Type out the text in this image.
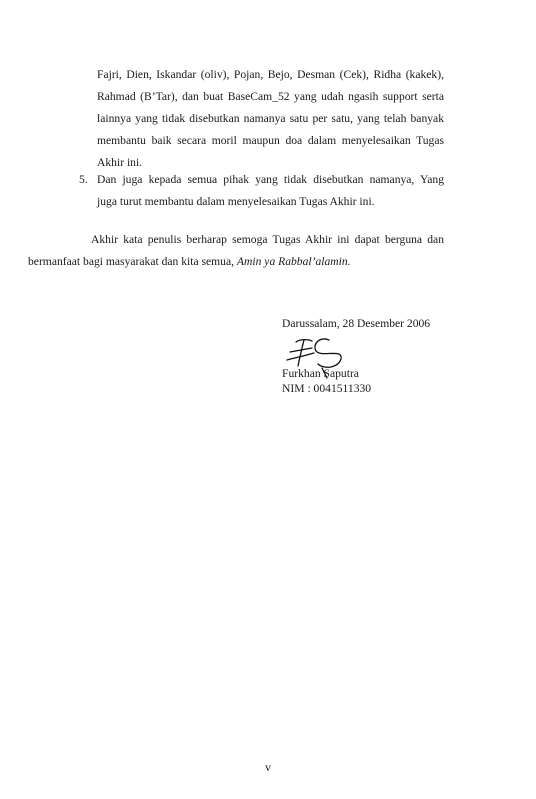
Fajri, Dien, Iskandar (oliv), Pojan, Bejo, Desman (Cek), Ridha (kakek),
Rahmad (B’Tar), dan buat BaseCam_52 yang udah ngasih support serta
lainnya yang tidak disebutkan namanya satu per satu, yang telah banyak
membantu baik secara moril maupun doa dalam menyelesaikan Tugas
Akhir ini.
5. Dan juga kepada semua pihak yang tidak disebutkan namanya, Yang
juga turut membantu dalam menyelesaikan Tugas Akhir ini.
Akhir kata penulis berharap semoga Tugas Akhir ini dapat berguna dan
bermanfaat bagi masyarakat dan kita semua, Amin ya Rabbal’alamin.
Darussalam, 28 Desember 2006
Furkhan Saputra
NIM : 0041511330
v
